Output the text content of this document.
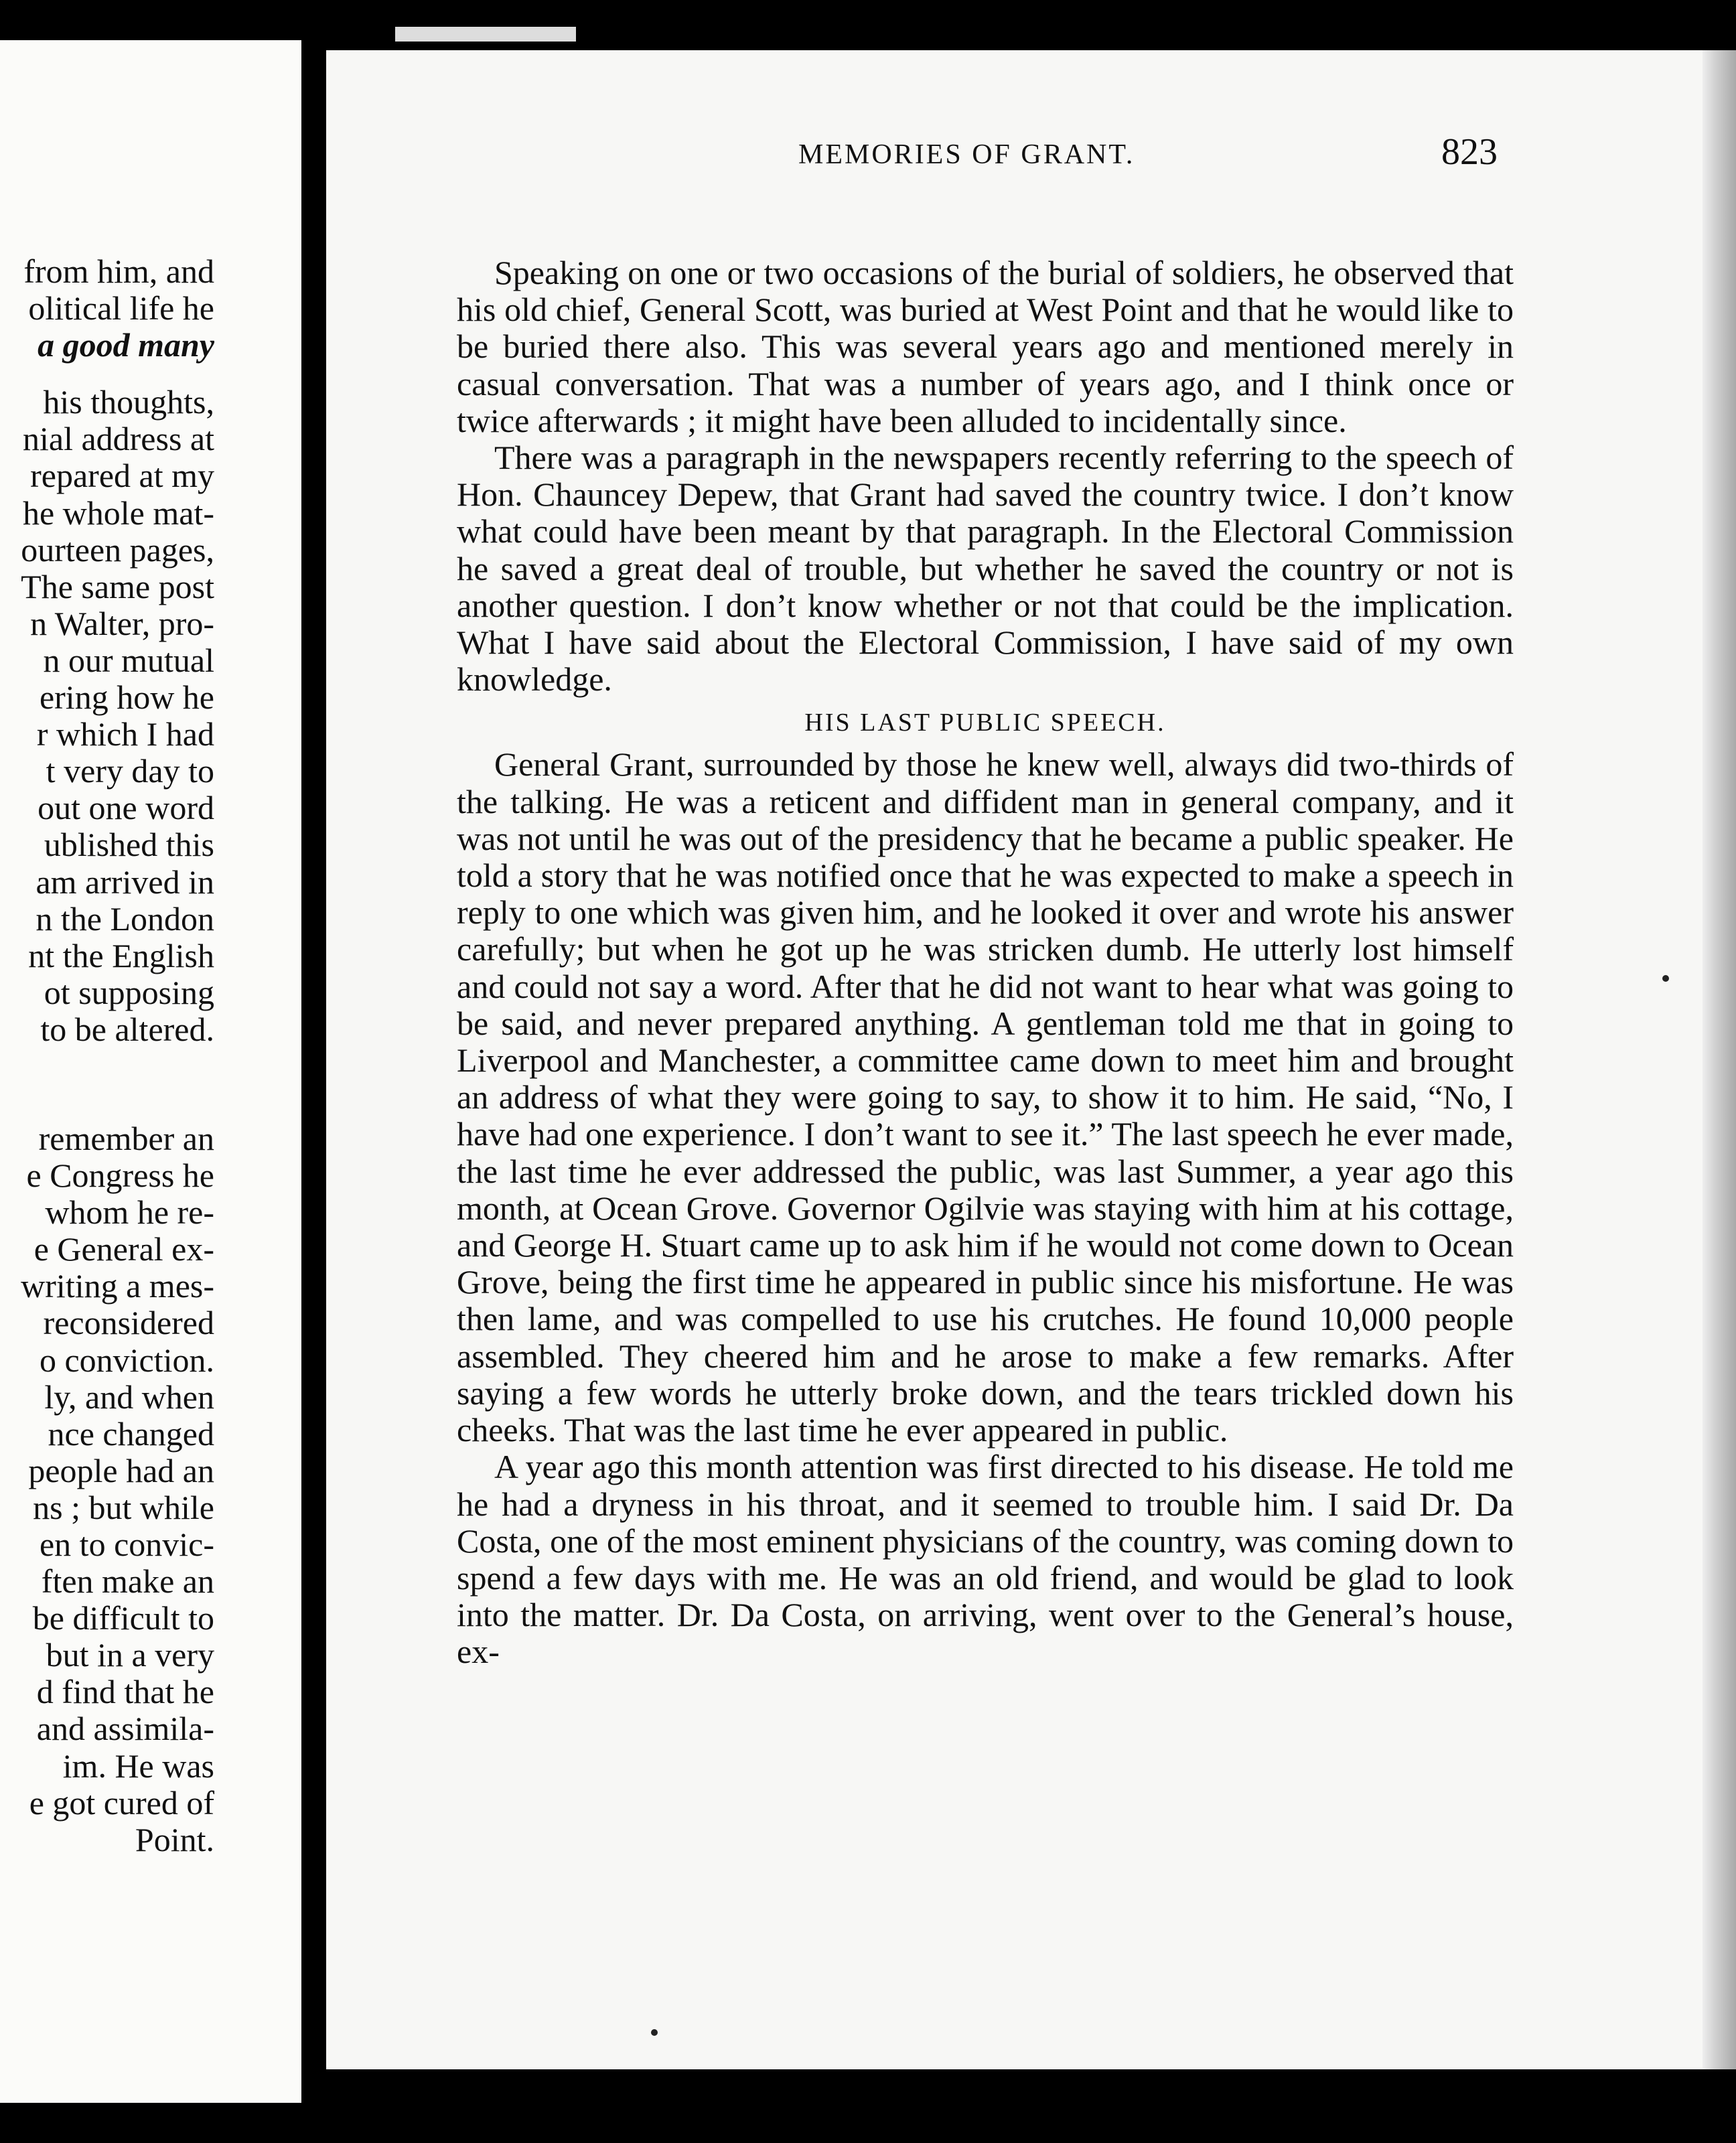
from him, and
olitical life he
a good many
his thoughts,
nial address at
repared at my
he whole mat-
ourteen pages,
The same post
n Walter, pro-
n our mutual
ering how he
r which I had
t very day to
out one word
ublished this
am arrived in
n the London
nt the English
ot supposing
to be altered.
remember an
e Congress he
whom he re-
e General ex-
writing a mes-
reconsidered
o conviction.
ly, and when
nce changed
people had an
ns ; but while
en to convic-
ften make an
be difficult to
but in a very
d find that he
and assimila-
im. He was
e got cured of
Point.
MEMORIES OF GRANT.	823

Speaking on one or two occasions of the burial of soldiers, he observed that his old chief, General Scott, was buried at West Point and that he would like to be buried there also. This was several years ago and mentioned merely in casual conversation. That was a number of years ago, and I think once or twice afterwards ; it might have been alluded to incidentally since.

There was a paragraph in the newspapers recently referring to the speech of Hon. Chauncey Depew, that Grant had saved the country twice. I don’t know what could have been meant by that paragraph. In the Electoral Commission he saved a great deal of trouble, but whether he saved the country or not is another question. I don’t know whether or not that could be the implication. What I have said about the Electoral Commission, I have said of my own knowledge.

HIS LAST PUBLIC SPEECH.

General Grant, surrounded by those he knew well, always did two-thirds of the talking. He was a reticent and diffident man in general company, and it was not until he was out of the presidency that he became a public speaker. He told a story that he was notified once that he was expected to make a speech in reply to one which was given him, and he looked it over and wrote his answer carefully; but when he got up he was stricken dumb. He utterly lost himself and could not say a word. After that he did not want to hear what was going to be said, and never prepared anything. A gentleman told me that in going to Liverpool and Manchester, a committee came down to meet him and brought an address of what they were going to say, to show it to him. He said, “No, I have had one experience. I don’t want to see it.” The last speech he ever made, the last time he ever addressed the public, was last Summer, a year ago this month, at Ocean Grove. Governor Ogilvie was staying with him at his cottage, and George H. Stuart came up to ask him if he would not come down to Ocean Grove, being the first time he appeared in public since his misfortune. He was then lame, and was compelled to use his crutches. He found 10,000 people assembled. They cheered him and he arose to make a few remarks. After saying a few words he utterly broke down, and the tears trickled down his cheeks. That was the last time he ever appeared in public.

A year ago this month attention was first directed to his disease. He told me he had a dryness in his throat, and it seemed to trouble him. I said Dr. Da Costa, one of the most eminent physicians of the country, was coming down to spend a few days with me. He was an old friend, and would be glad to look into the matter. Dr. Da Costa, on arriving, went over to the General’s house, ex-
